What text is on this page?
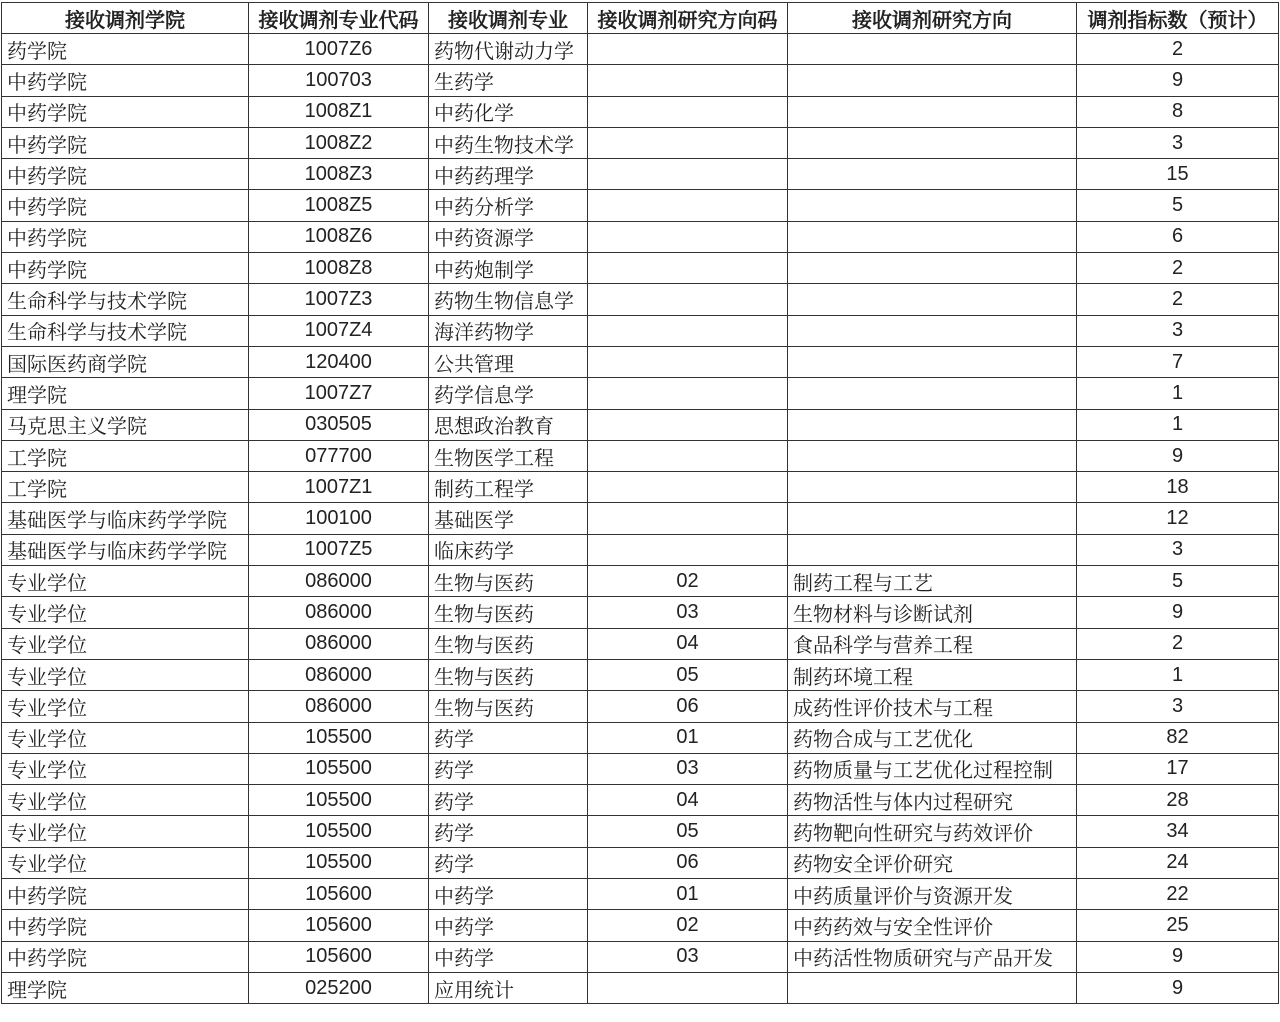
接收调剂学院	接收调剂专业代码	接收调剂专业	接收调剂研究方向码	接收调剂研究方向	调剂指标数（预计）
药学院	1007Z6	药物代谢动力学			2
中药学院	100703	生药学			9
中药学院	1008Z1	中药化学			8
中药学院	1008Z2	中药生物技术学			3
中药学院	1008Z3	中药药理学			15
中药学院	1008Z5	中药分析学			5
中药学院	1008Z6	中药资源学			6
中药学院	1008Z8	中药炮制学			2
生命科学与技术学院	1007Z3	药物生物信息学			2
生命科学与技术学院	1007Z4	海洋药物学			3
国际医药商学院	120400	公共管理			7
理学院	1007Z7	药学信息学			1
马克思主义学院	030505	思想政治教育			1
工学院	077700	生物医学工程			9
工学院	1007Z1	制药工程学			18
基础医学与临床药学学院	100100	基础医学			12
基础医学与临床药学学院	1007Z5	临床药学			3
专业学位	086000	生物与医药	02	制药工程与工艺	5
专业学位	086000	生物与医药	03	生物材料与诊断试剂	9
专业学位	086000	生物与医药	04	食品科学与营养工程	2
专业学位	086000	生物与医药	05	制药环境工程	1
专业学位	086000	生物与医药	06	成药性评价技术与工程	3
专业学位	105500	药学	01	药物合成与工艺优化	82
专业学位	105500	药学	03	药物质量与工艺优化过程控制	17
专业学位	105500	药学	04	药物活性与体内过程研究	28
专业学位	105500	药学	05	药物靶向性研究与药效评价	34
专业学位	105500	药学	06	药物安全评价研究	24
中药学院	105600	中药学	01	中药质量评价与资源开发	22
中药学院	105600	中药学	02	中药药效与安全性评价	25
中药学院	105600	中药学	03	中药活性物质研究与产品开发	9
理学院	025200	应用统计			9
